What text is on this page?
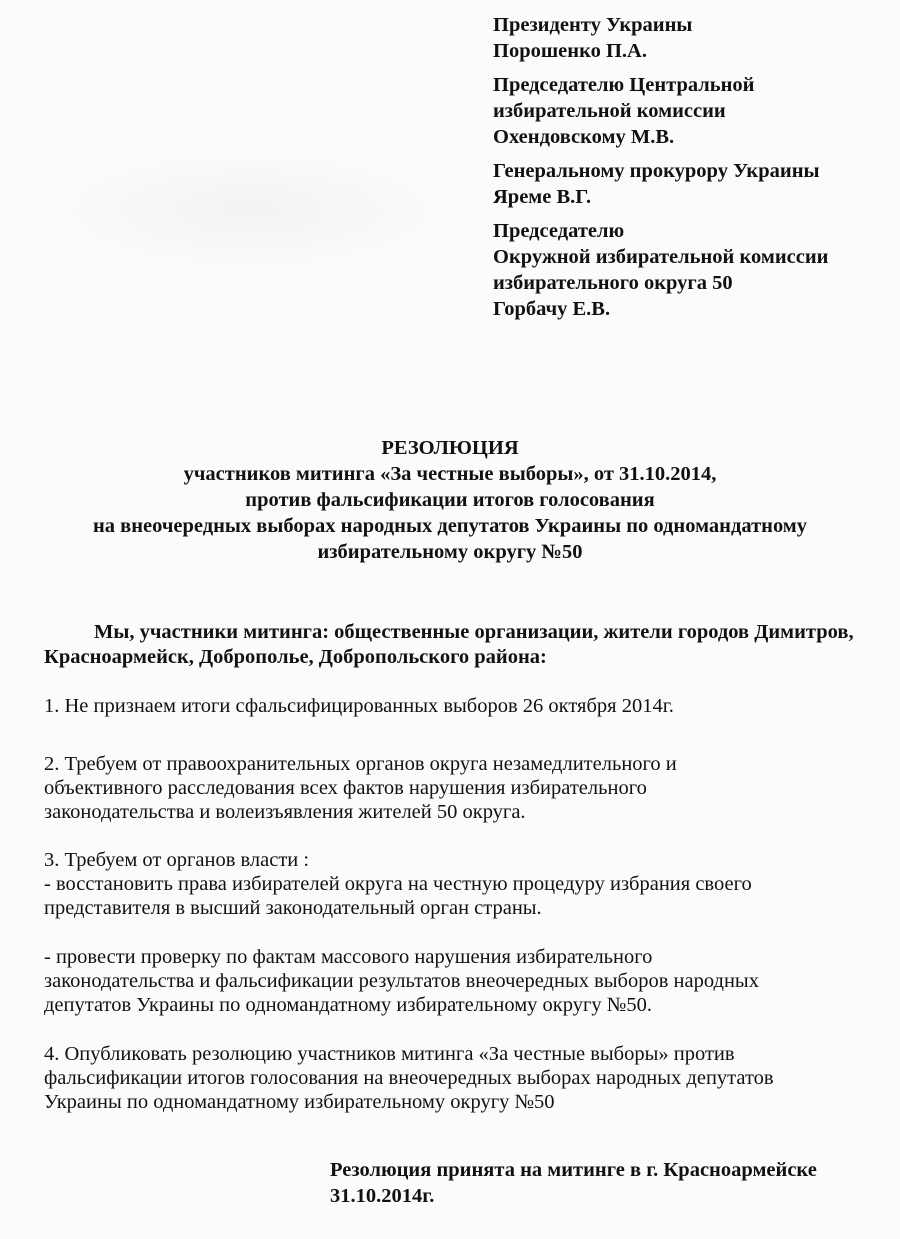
Президенту Украины
Порошенко П.А.
Председателю Центральной
избирательной комиссии
Охендовскому М.В.
Генеральному прокурору Украины
Яреме В.Г.
Председателю
Окружной избирательной комиссии
избирательного округа 50
Горбачу Е.В.
РЕЗОЛЮЦИЯ
участников митинга «За честные выборы», от 31.10.2014,
против фальсификации итогов голосования
на внеочередных выборах народных депутатов Украины по одномандатному
избирательному округу №50
Мы, участники митинга: общественные организации, жители городов Димитров, Красноармейск, Доброполье, Добропольского района:
1. Не признаем итоги сфальсифицированных выборов 26 октября 2014г.
2. Требуем от правоохранительных органов округа незамедлительного и
объективного расследования всех фактов нарушения избирательного
законодательства и волеизъявления жителей 50 округа.
3. Требуем от органов власти :
- восстановить права избирателей округа на честную процедуру избрания своего
представителя в высший законодательный орган страны.
- провести проверку по фактам массового нарушения избирательного
законодательства и фальсификации результатов внеочередных выборов народных
депутатов Украины по одномандатному избирательному округу №50.
4. Опубликовать резолюцию участников митинга «За честные выборы» против
фальсификации итогов голосования на внеочередных выборах народных депутатов
Украины по одномандатному избирательному округу №50
Резолюция принята на митинге в г. Красноармейске
31.10.2014г.
